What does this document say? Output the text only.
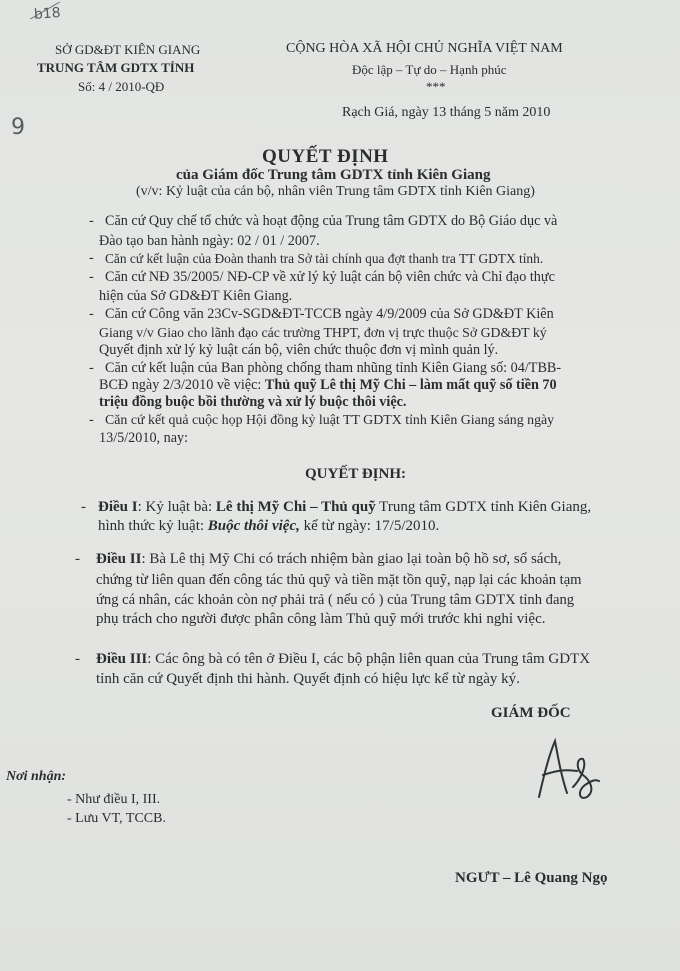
b18
9
SỞ GD&ĐT KIÊN GIANG
TRUNG TÂM GDTX TỈNH
Số: 4 / 2010-QĐ
CỘNG HÒA XÃ HỘI CHỦ NGHĨA VIỆT NAM
Độc lập – Tự do – Hạnh phúc
***
Rạch Giá, ngày 13 tháng 5 năm 2010
QUYẾT ĐỊNH
của Giám đốc Trung tâm GDTX tỉnh Kiên Giang
(v/v: Kỷ luật của cán bộ, nhân viên Trung tâm GDTX tỉnh Kiên Giang)
- Căn cứ Quy chế tổ chức và hoạt động của Trung tâm GDTX do Bộ Giáo dục và
Đào tạo ban hành ngày: 02 / 01 / 2007.
- Căn cứ kết luận của Đoàn thanh tra Sở tài chính qua đợt thanh tra TT GDTX tỉnh.
- Căn cứ NĐ 35/2005/ NĐ-CP về xử lý kỷ luật cán bộ viên chức và Chỉ đạo thực
hiện của Sở GD&ĐT Kiên Giang.
- Căn cứ Công văn 23Cv-SGD&ĐT-TCCB ngày 4/9/2009 của Sở GD&ĐT Kiên
Giang v/v Giao cho lãnh đạo các trường THPT, đơn vị trực thuộc Sở GD&ĐT ký
Quyết định xử lý kỷ luật cán bộ, viên chức thuộc đơn vị mình quản lý.
- Căn cứ kết luận của Ban phòng chống tham nhũng tỉnh Kiên Giang số: 04/TBB-
BCĐ ngày 2/3/2010 về việc: Thủ quỹ Lê thị Mỹ Chi – làm mất quỹ số tiền 70
triệu đồng buộc bồi thường và xử lý buộc thôi việc.
- Căn cứ kết quả cuộc họp Hội đồng kỷ luật TT GDTX tỉnh Kiên Giang sáng ngày
13/5/2010, nay:
QUYẾT ĐỊNH:
- Điều I: Kỷ luật bà: Lê thị Mỹ Chi – Thủ quỹ Trung tâm GDTX tỉnh Kiên Giang,
hình thức kỷ luật: Buộc thôi việc, kể từ ngày: 17/5/2010.
- Điều II: Bà Lê thị Mỹ Chi có trách nhiệm bàn giao lại toàn bộ hồ sơ, sổ sách,
chứng từ liên quan đến công tác thủ quỹ và tiền mặt tồn quỹ, nạp lại các khoản tạm
ứng cá nhân, các khoản còn nợ phải trả ( nếu có ) của Trung tâm GDTX tỉnh đang
phụ trách cho người được phân công làm Thủ quỹ mới trước khi nghỉ việc.
- Điều III: Các ông bà có tên ở Điều I, các bộ phận liên quan của Trung tâm GDTX
tỉnh căn cứ Quyết định thi hành. Quyết định có hiệu lực kể từ ngày ký.
GIÁM ĐỐC
Nơi nhận:
- Như điều I, III.
- Lưu VT, TCCB.
NGƯT – Lê Quang Ngọ
